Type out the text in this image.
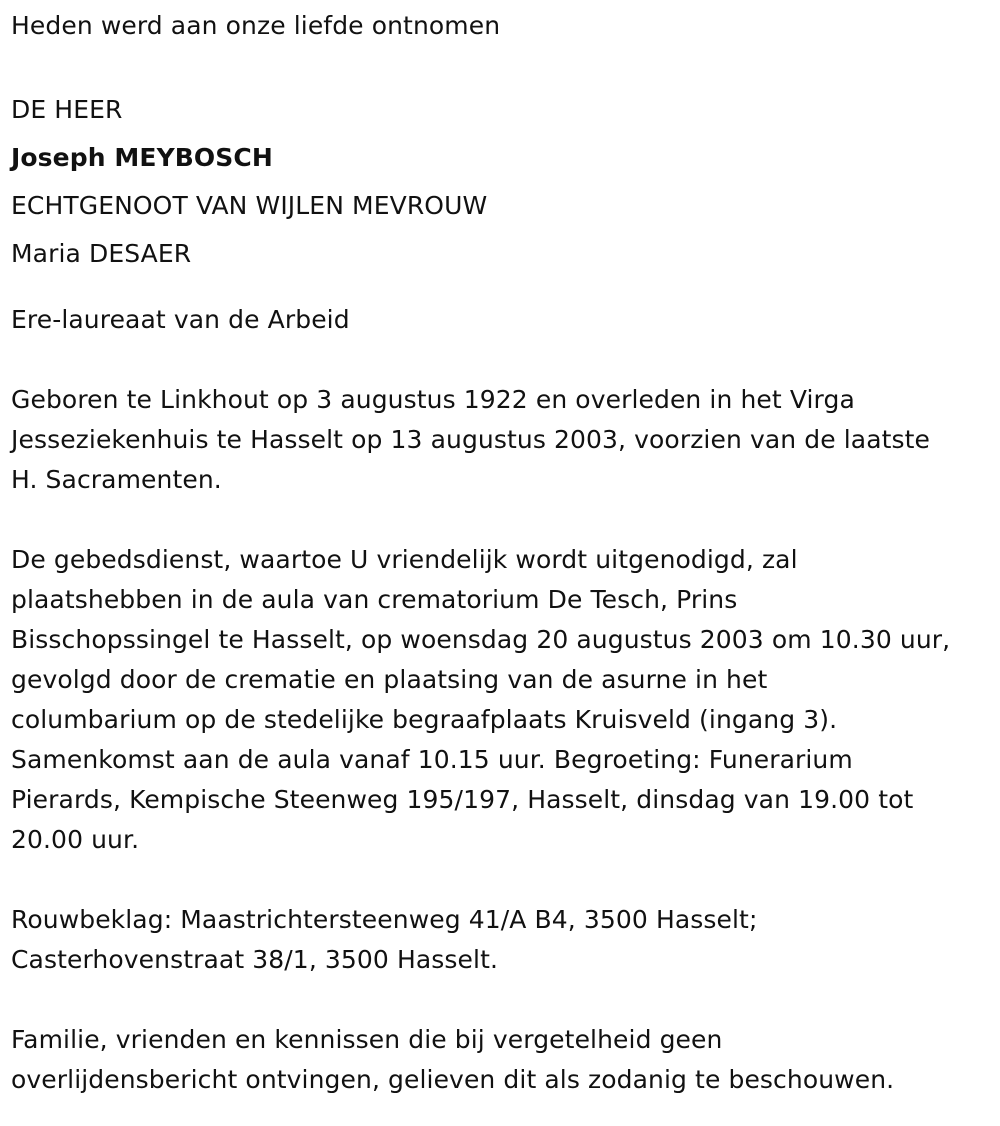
Heden werd aan onze liefde ontnomen
DE HEER
Joseph MEYBOSCH
ECHTGENOOT VAN WIJLEN MEVROUW
Maria DESAER
Ere-laureaat van de Arbeid
Geboren te Linkhout op 3 augustus 1922 en overleden in het Virga
Jesseziekenhuis te Hasselt op 13 augustus 2003, voorzien van de laatste
H. Sacramenten.
De gebedsdienst, waartoe U vriendelijk wordt uitgenodigd, zal
plaatshebben in de aula van crematorium De Tesch, Prins
Bisschopssingel te Hasselt, op woensdag 20 augustus 2003 om 10.30 uur,
gevolgd door de crematie en plaatsing van de asurne in het
columbarium op de stedelijke begraafplaats Kruisveld (ingang 3).
Samenkomst aan de aula vanaf 10.15 uur. Begroeting: Funerarium
Pierards, Kempische Steenweg 195/197, Hasselt, dinsdag van 19.00 tot
20.00 uur.
Rouwbeklag: Maastrichtersteenweg 41/A B4, 3500 Hasselt;
Casterhovenstraat 38/1, 3500 Hasselt.
Familie, vrienden en kennissen die bij vergetelheid geen
overlijdensbericht ontvingen, gelieven dit als zodanig te beschouwen.
